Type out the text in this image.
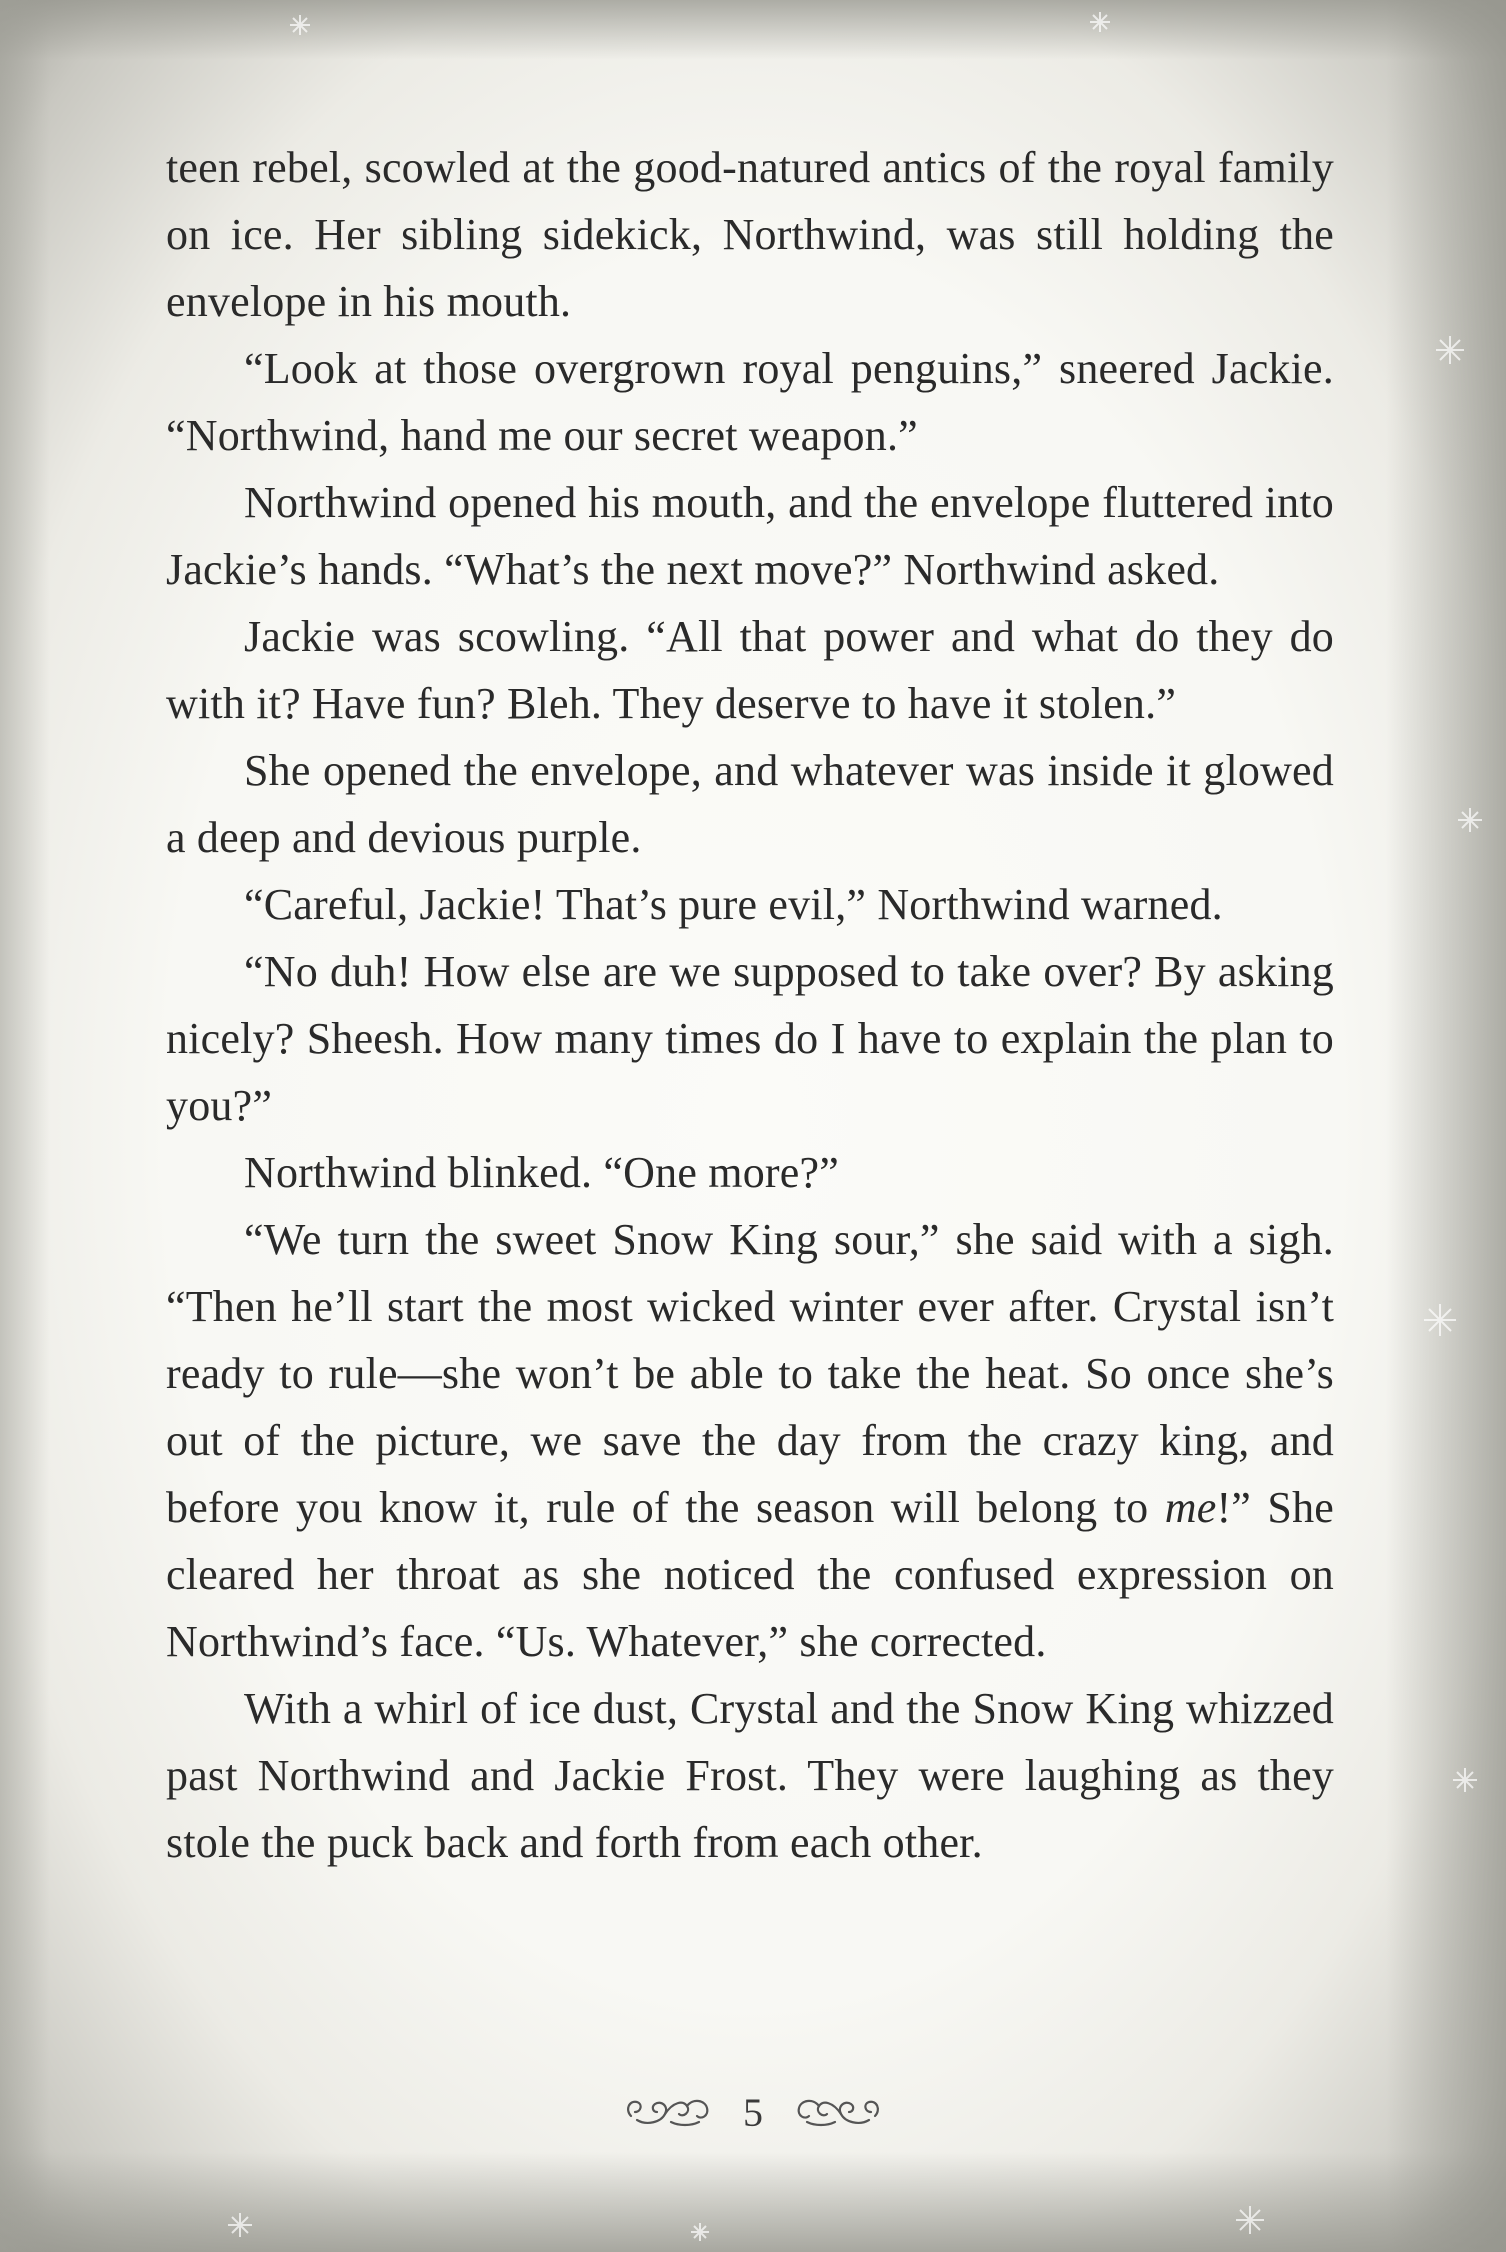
teen rebel, scowled at the good-natured antics of the royal family on ice. Her sibling sidekick, Northwind, was still holding the envelope in his mouth.

“Look at those overgrown royal penguins,” sneered Jackie. “Northwind, hand me our secret weapon.”

Northwind opened his mouth, and the envelope fluttered into Jackie’s hands. “What’s the next move?” Northwind asked.

Jackie was scowling. “All that power and what do they do with it? Have fun? Bleh. They deserve to have it stolen.”

She opened the envelope, and whatever was inside it glowed a deep and devious purple.

“Careful, Jackie! That’s pure evil,” Northwind warned.

“No duh! How else are we supposed to take over? By asking nicely? Sheesh. How many times do I have to explain the plan to you?”

Northwind blinked. “One more?”

“We turn the sweet Snow King sour,” she said with a sigh. “Then he’ll start the most wicked winter ever after. Crystal isn’t ready to rule—she won’t be able to take the heat. So once she’s out of the picture, we save the day from the crazy king, and before you know it, rule of the season will belong to me!” She cleared her throat as she noticed the confused expression on Northwind’s face. “Us. Whatever,” she corrected.

With a whirl of ice dust, Crystal and the Snow King whizzed past Northwind and Jackie Frost. They were laughing as they stole the puck back and forth from each other.

5
